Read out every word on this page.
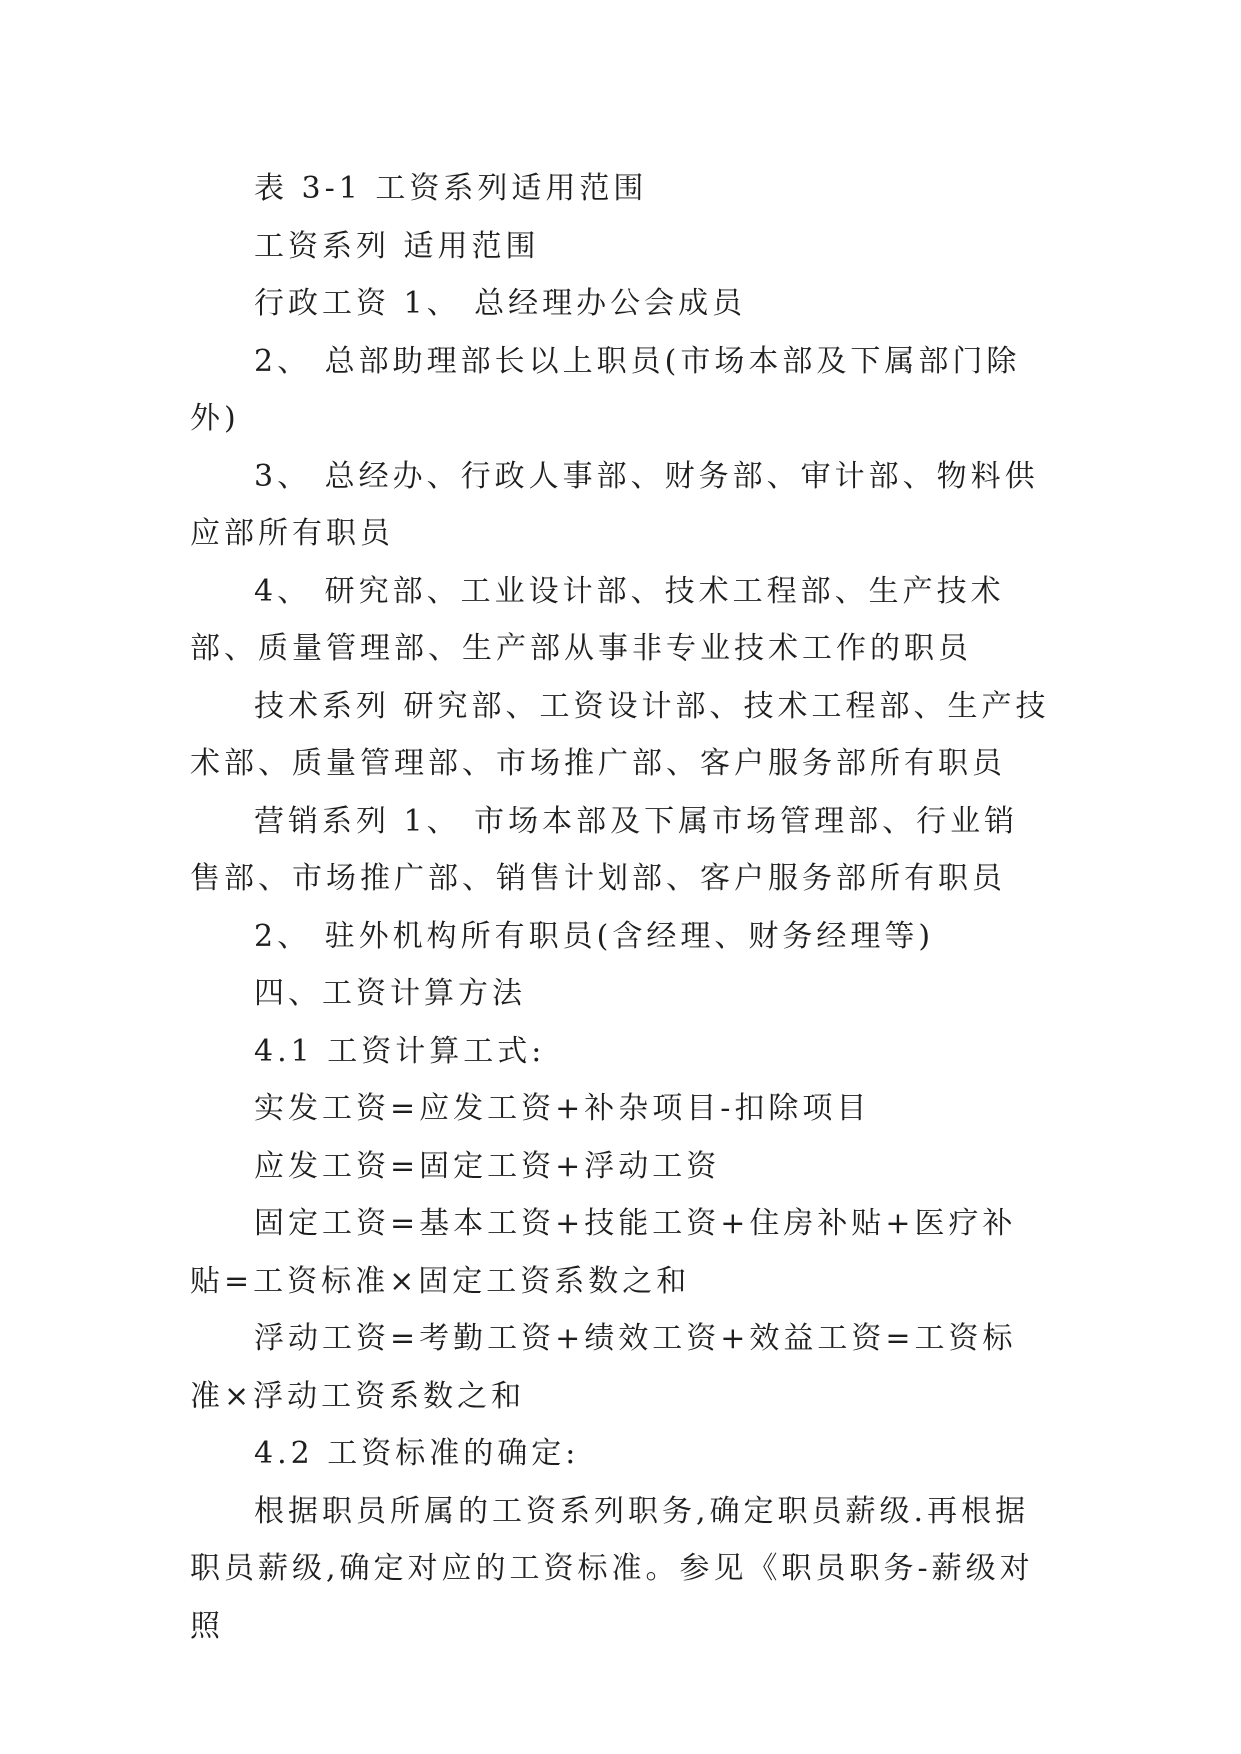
表 3-1 工资系列适用范围

工资系列 适用范围

行政工资 1、 总经理办公会成员

2、 总部助理部长以上职员(市场本部及下属部门除外)

3、 总经办、行政人事部、财务部、审计部、物料供应部所有职员

4、 研究部、工业设计部、技术工程部、生产技术部、质量管理部、生产部从事非专业技术工作的职员

技术系列 研究部、工资设计部、技术工程部、生产技术部、质量管理部、市场推广部、客户服务部所有职员

营销系列 1、 市场本部及下属市场管理部、行业销售部、市场推广部、销售计划部、客户服务部所有职员

2、 驻外机构所有职员(含经理、财务经理等)

四、工资计算方法

4.1 工资计算工式:

实发工资=应发工资+补杂项目-扣除项目

应发工资=固定工资+浮动工资

固定工资=基本工资+技能工资+住房补贴+医疗补贴=工资标准×固定工资系数之和

浮动工资=考勤工资+绩效工资+效益工资=工资标准×浮动工资系数之和

4.2 工资标准的确定:

根据职员所属的工资系列职务,确定职员薪级.再根据职员薪级,确定对应的工资标准。参见《职员职务-薪级对照
